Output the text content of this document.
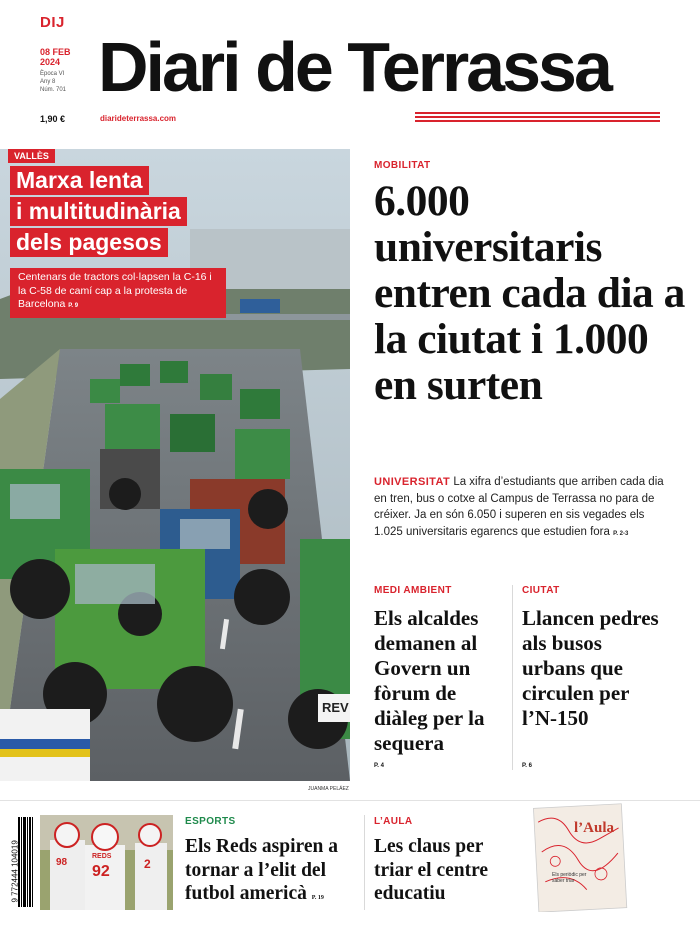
DIJ
08 FEB
2024
Època VI
Any 8
Núm. 701
1,90 €
Diari de Terrassa
diarideterrassa.com
REV
JUANMA PELÁEZ
VALLÈS
Marxa lenta
i multitudinària
dels pagesos
Centenars de tractors col·lapsen la C-16 i la C-58 de camí cap a la protesta de Barcelona P. 9
MOBILITAT
6.000 universitaris entren cada dia a la ciutat i 1.000 en surten
UNIVERSITAT La xifra d’estudiants que arriben cada dia en tren, bus o cotxe al Campus de Terrassa no para de créixer. Ja en són 6.050 i superen en sis vegades els 1.025 universitaris egarencs que estudien fora P. 2-3
MEDI AMBIENT
Els alcaldes demanen al Govern un fòrum de diàleg per la sequera
P. 4
CIUTAT
Llancen pedres als busos urbans que circulen per l’N-150
P. 6
9 772444 104019	98
REDS
92	2
ESPORTS
Els Reds aspiren a tornar a l’elit del futbol americà P. 19
L’AULA
Les claus per triar el centre educatiu
l’Aula
Els periòdic per saber triar
